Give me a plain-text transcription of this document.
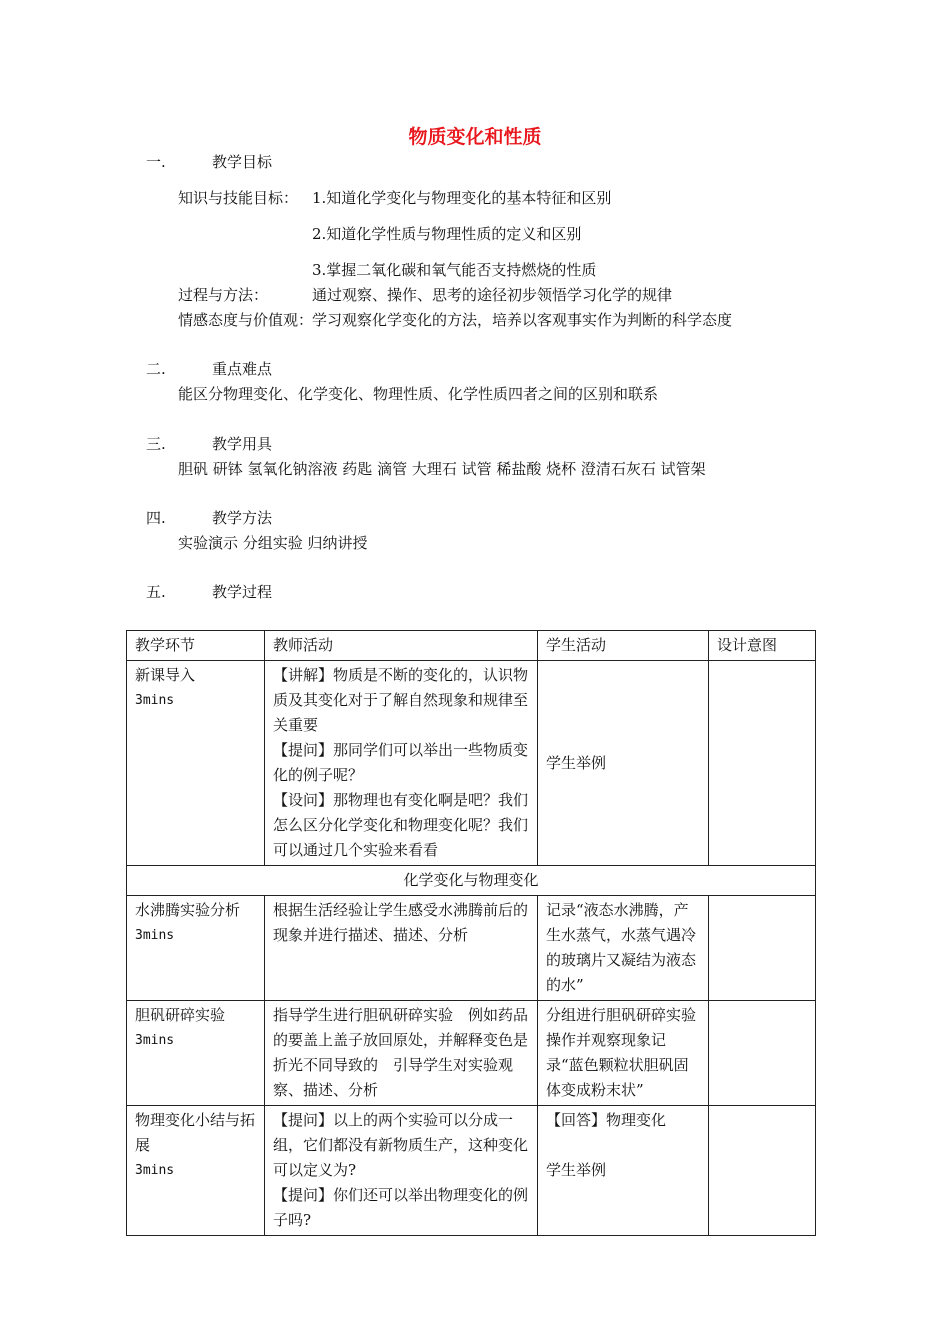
物质变化和性质
一.	教学目标
知识与技能目标： 1.知道化学变化与物理变化的基本特征和区别
2.知道化学性质与物理性质的定义和区别
3.掌握二氧化碳和氧气能否支持燃烧的性质
过程与方法：	通过观察、操作、思考的途径初步领悟学习化学的规律
情感态度与价值观：
学习观察化学变化的方法，培养以客观事实作为判断的科学态度
二.	重点难点
能区分物理变化、化学变化、物理性质、化学性质四者之间的区别和联系
三.	教学用具
胆矾 研钵 氢氧化钠溶液 药匙 滴管 大理石 试管 稀盐酸 烧杯 澄清石灰石 试管架
四.	教学方法
实验演示 分组实验 归纳讲授
五.	教学过程
教学环节	教师活动	学生活动	设计意图

新课导入
3mins	【讲解】物质是不断的变化的，认识物质及其变化对于了解自然现象和规律至关重要
【提问】那同学们可以举出一些物质变化的例子呢？
【设问】那物理也有变化啊是吧？我们怎么区分化学变化和物理变化呢？我们可以通过几个实验来看看	学生举例	

化学变化与物理变化			

水沸腾实验分析
3mins	根据生活经验让学生感受水沸腾前后的现象并进行描述、描述、分析	记录“液态水沸腾，产生水蒸气，水蒸气遇冷的玻璃片又凝结为液态的水”	

胆矾研碎实验
3mins	指导学生进行胆矾研碎实验　例如药品的要盖上盖子放回原处，并解释变色是折光不同导致的　引导学生对实验观察、描述、分析	分组进行胆矾研碎实验操作并观察现象记录“蓝色颗粒状胆矾固体变成粉末状”	

物理变化小结与拓展
3mins	【提问】以上的两个实验可以分成一组，它们都没有新物质生产，这种变化可以定义为?
【提问】你们还可以举出物理变化的例子吗?	【回答】物理变化
学生举例	
